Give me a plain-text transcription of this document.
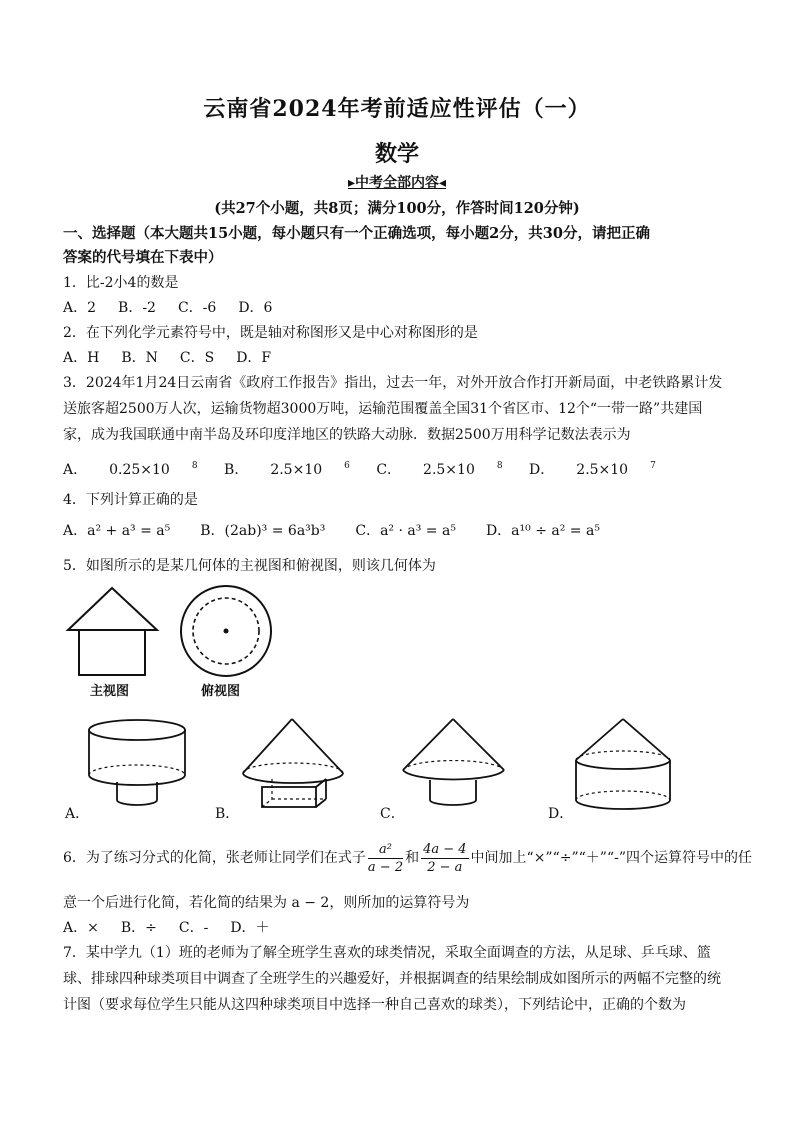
云南省2024年考前适应性评估（一）
数学
▸中考全部内容◂
(共27个小题，共8页；满分100分，作答时间120分钟)
一、选择题（本大题共15小题，每小题只有一个正确选项，每小题2分，共30分，请把正确
答案的代号填在下表中）
1．比-2小4的数是
A．2 B．-2 C．-6 D．6
2．在下列化学元素符号中，既是轴对称图形又是中心对称图形的是
A．H B．N C．S D．F
3．2024年1月24日云南省《政府工作报告》指出，过去一年，对外开放合作打开新局面，中老铁路累计发
送旅客超2500万人次，运输货物超3000万吨，运输范围覆盖全国31个省区市、12个“一带一路”共建国
家，成为我国联通中南半岛及环印度洋地区的铁路大动脉．数据2500万用科学记数法表示为
A． 0.25×10 $^8$ B． 2.5×10 $^6$ C． 2.5×10 $^8$ D． 2.5×10 $^7$
4．下列计算正确的是
A．a² + a³ = a⁵ B．(2ab)³ = 6a³b³ C．a² · a³ = a⁵ D．a¹⁰ ÷ a² = a⁵
5．如图所示的是某几何体的主视图和俯视图，则该几何体为
主视图	俯视图
A．	B．	C．	D．
6．为了练习分式的化简，张老师让同学们在式子 $\frac{\text{a²}}{a - 2}$ 和 $\frac{4a - 4}{2 - a}$ 中间加上“×”“÷”“＋”“-”四个运算符号中的任
意一个后进行化简，若化简的结果为 a − 2，则所加的运算符号为
A．× B．÷ C．- D．＋
7．某中学九（1）班的老师为了解全班学生喜欢的球类情况，采取全面调查的方法，从足球、乒乓球、篮
球、排球四种球类项目中调查了全班学生的兴趣爱好，并根据调查的结果绘制成如图所示的两幅不完整的统
计图（要求每位学生只能从这四种球类项目中选择一种自己喜欢的球类），下列结论中，正确的个数为
